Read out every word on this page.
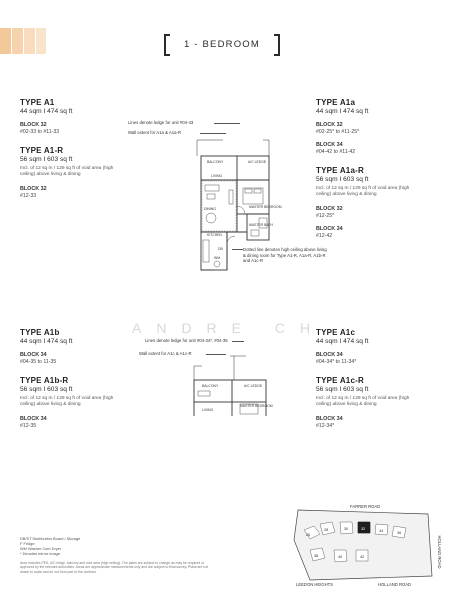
1 - BEDROOM
TYPE A1
44 sqm I 474 sq ft
BLOCK 32
#02-33 to #11-33
TYPE A1-R
56 sqm I 603 sq ft
Incl. of 12 sq m / 129 sq ft of void area (high ceiling) above living & dining
BLOCK 32
#12-33
TYPE A1a
44 sqm I 474 sq ft
BLOCK 32
#02-25* to #11-25*
BLOCK 34
#04-42 to #11-42
TYPE A1a-R
56 sqm I 603 sq ft
Incl. of 12 sq m / 129 sq ft of void area (high ceiling) above living & dining
BLOCK 32
#12-25*
BLOCK 34
#12-42
TYPE A1b
44 sqm I 474 sq ft
BLOCK 34
#04-35 to 11-35
TYPE A1b-R
56 sqm I 603 sq ft
Incl. of 12 sq m / 129 sq ft of void area (high ceiling) above living & dining
BLOCK 34
#12-35
TYPE A1c
44 sqm I 474 sq ft
BLOCK 34
#04-34* to 11-34*
TYPE A1c-R
56 sqm I 603 sq ft
Incl. of 12 sq m / 129 sq ft of void area (high ceiling) above living & dining
BLOCK 34
#12-34*
Lines denote ledge for unit #04-43
Wall extent for A1a & A1a-R
Dotted line denotes high ceiling above living & dining room for Type A1-R, A1a-R, A1b-R and A1c-R
BALCONY	A/C LEDGE
LIVING
MASTER BEDROOM
DINING
MASTER BATH
KITCHEN
WM
DB
ANDRE CH
Lines denote ledge for unit #04-34*, #04-35
Wall extent for A1c & A1c-R
BALCONY	A/C LEDGE
LIVING
MASTER BEDROOM
DB/ST Distribution Board / Storage
F Fridge
WM Washer Cum Dryer
* Denotes mirror image
Area includes PES, A/C ledge, balcony and void area (high ceiling). The plans are subject to change as may be required or approved by the relevant authorities. Areas are approximate measurements only and are subject to final survey. Plans are not drawn to scale and do not form part of the contract.
26
28	30	32	34	36
38	40	42
FARRER ROAD
HOLLAND ROAD
HOLLAND ROAD
LEEDON HEIGHTS
